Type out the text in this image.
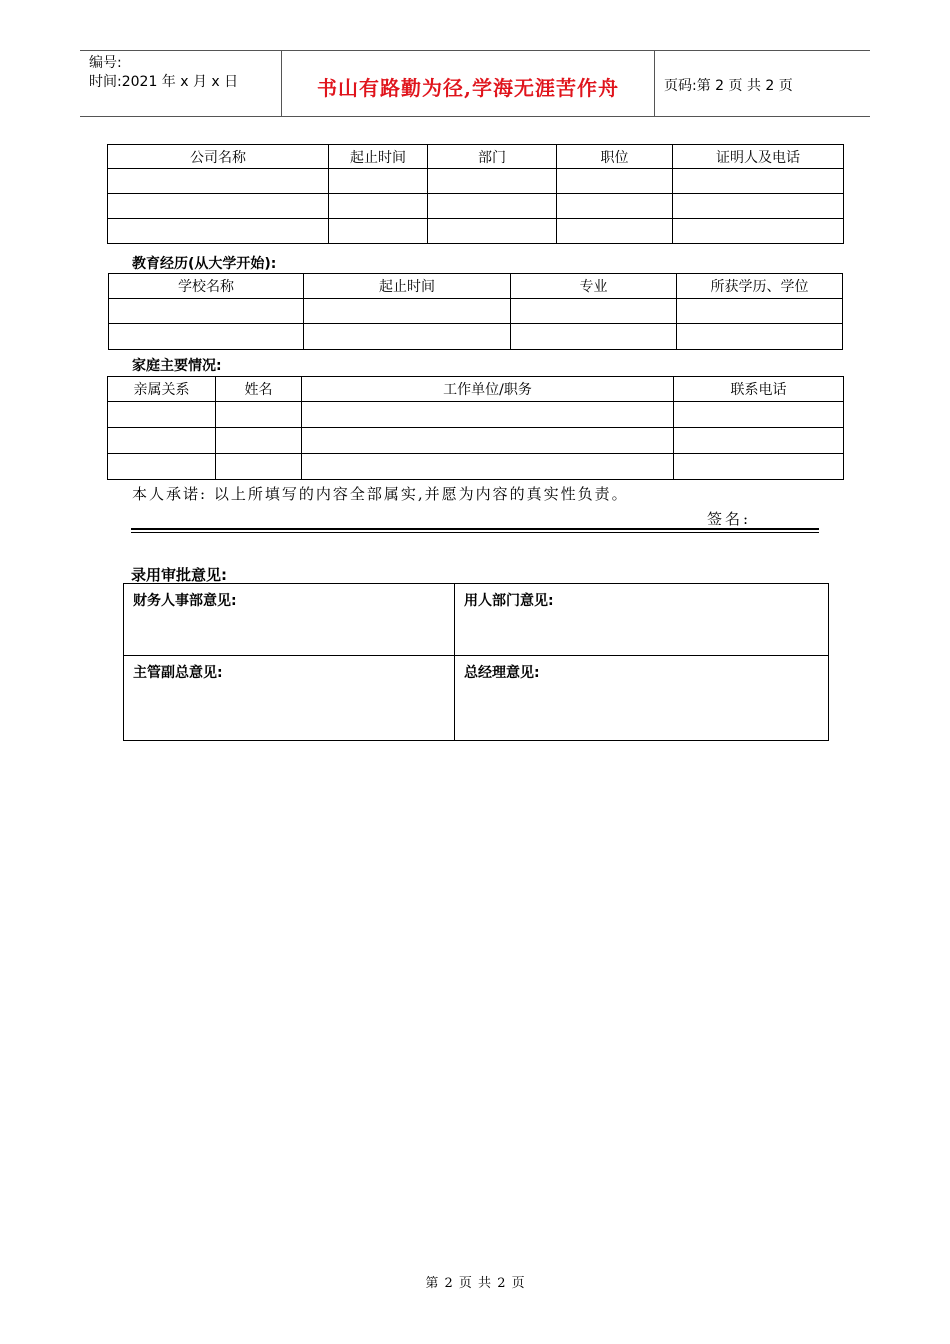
编号:
时间:2021 年 x 月 x 日	书山有路勤为径,学海无涯苦作舟	页码:第 2 页 共 2 页
公司名称	起止时间	部门	职位	证明人及电话

教育经历(从大学开始):
学校名称	起止时间	专业	所获学历、学位

家庭主要情况:
亲属关系	姓名	工作单位/职务	联系电话

本人承诺: 以上所填写的内容全部属实,并愿为内容的真实性负责。
签名:
录用审批意见:
财务人事部意见:	用人部门意见:
主管副总意见:	总经理意见:
第 2 页 共 2 页
